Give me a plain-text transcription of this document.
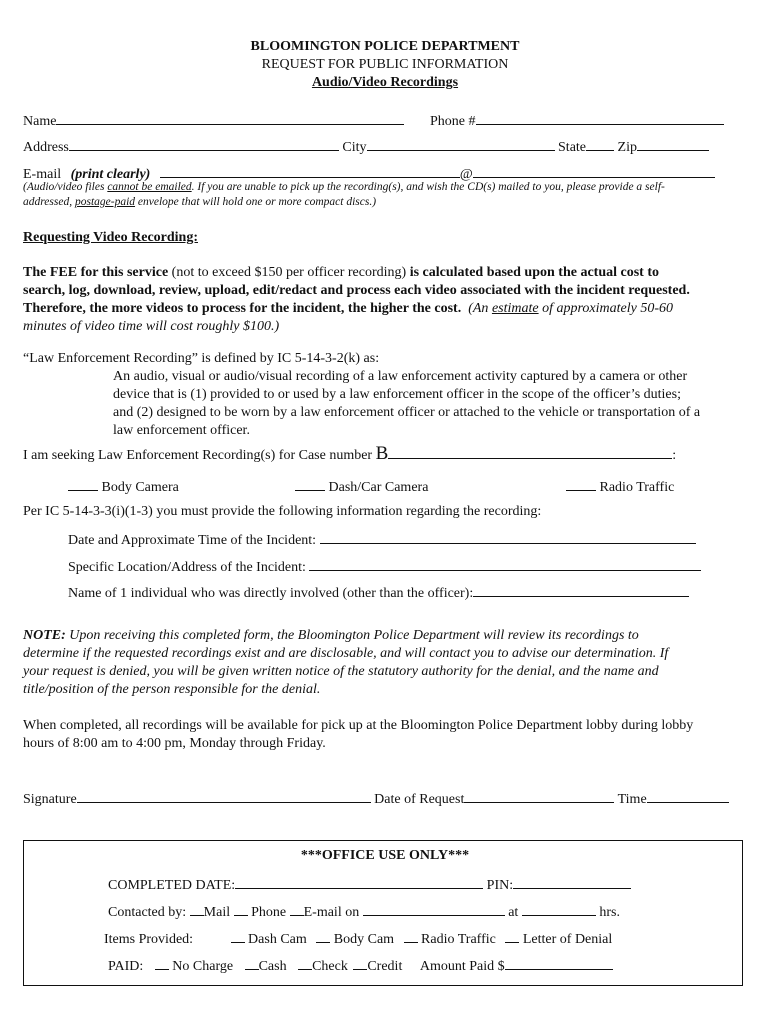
BLOOMINGTON POLICE DEPARTMENT
REQUEST FOR PUBLIC INFORMATION
Audio/Video Recordings
Name	Phone #
Address	City	State Zip
E-mail (print clearly)	@
(Audio/video files cannot be emailed. If you are unable to pick up the recording(s), and wish the CD(s) mailed to you, please provide a self-
addressed, postage-paid envelope that will hold one or more compact discs.)
Requesting Video Recording:
The FEE for this service (not to exceed $150 per officer recording) is calculated based upon the actual cost to
search, log, download, review, upload, edit/redact and process each video associated with the incident requested.
Therefore, the more videos to process for the incident, the higher the cost. (An estimate of approximately 50-60
minutes of video time will cost roughly $100.)
“Law Enforcement Recording” is defined by IC 5-14-3-2(k) as:
An audio, visual or audio/visual recording of a law enforcement activity captured by a camera or other
device that is (1) provided to or used by a law enforcement officer in the scope of the officer’s duties;
and (2) designed to be worn by a law enforcement officer or attached to the vehicle or transportation of a
law enforcement officer.
I am seeking Law Enforcement Recording(s) for Case number B	:
Body Camera	Dash/Car Camera	Radio Traffic
Per IC 5-14-3-3(i)(1-3) you must provide the following information regarding the recording:
Date and Approximate Time of the Incident:
Specific Location/Address of the Incident:
Name of 1 individual who was directly involved (other than the officer):
NOTE: Upon receiving this completed form, the Bloomington Police Department will review its recordings to
determine if the requested recordings exist and are disclosable, and will contact you to advise our determination. If
your request is denied, you will be given written notice of the statutory authority for the denial, and the name and
title/position of the person responsible for the denial.
When completed, all recordings will be available for pick up at the Bloomington Police Department lobby during lobby
hours of 8:00 am to 4:00 pm, Monday through Friday.
Signature	Date of Request	Time
***OFFICE USE ONLY***
COMPLETED DATE:	PIN:
Contacted by: Mail Phone E-mail on	at	hrs.
Items Provided:	Dash Cam Body Cam Radio Traffic Letter of Denial
PAID: No Charge Cash Check Credit Amount Paid $
